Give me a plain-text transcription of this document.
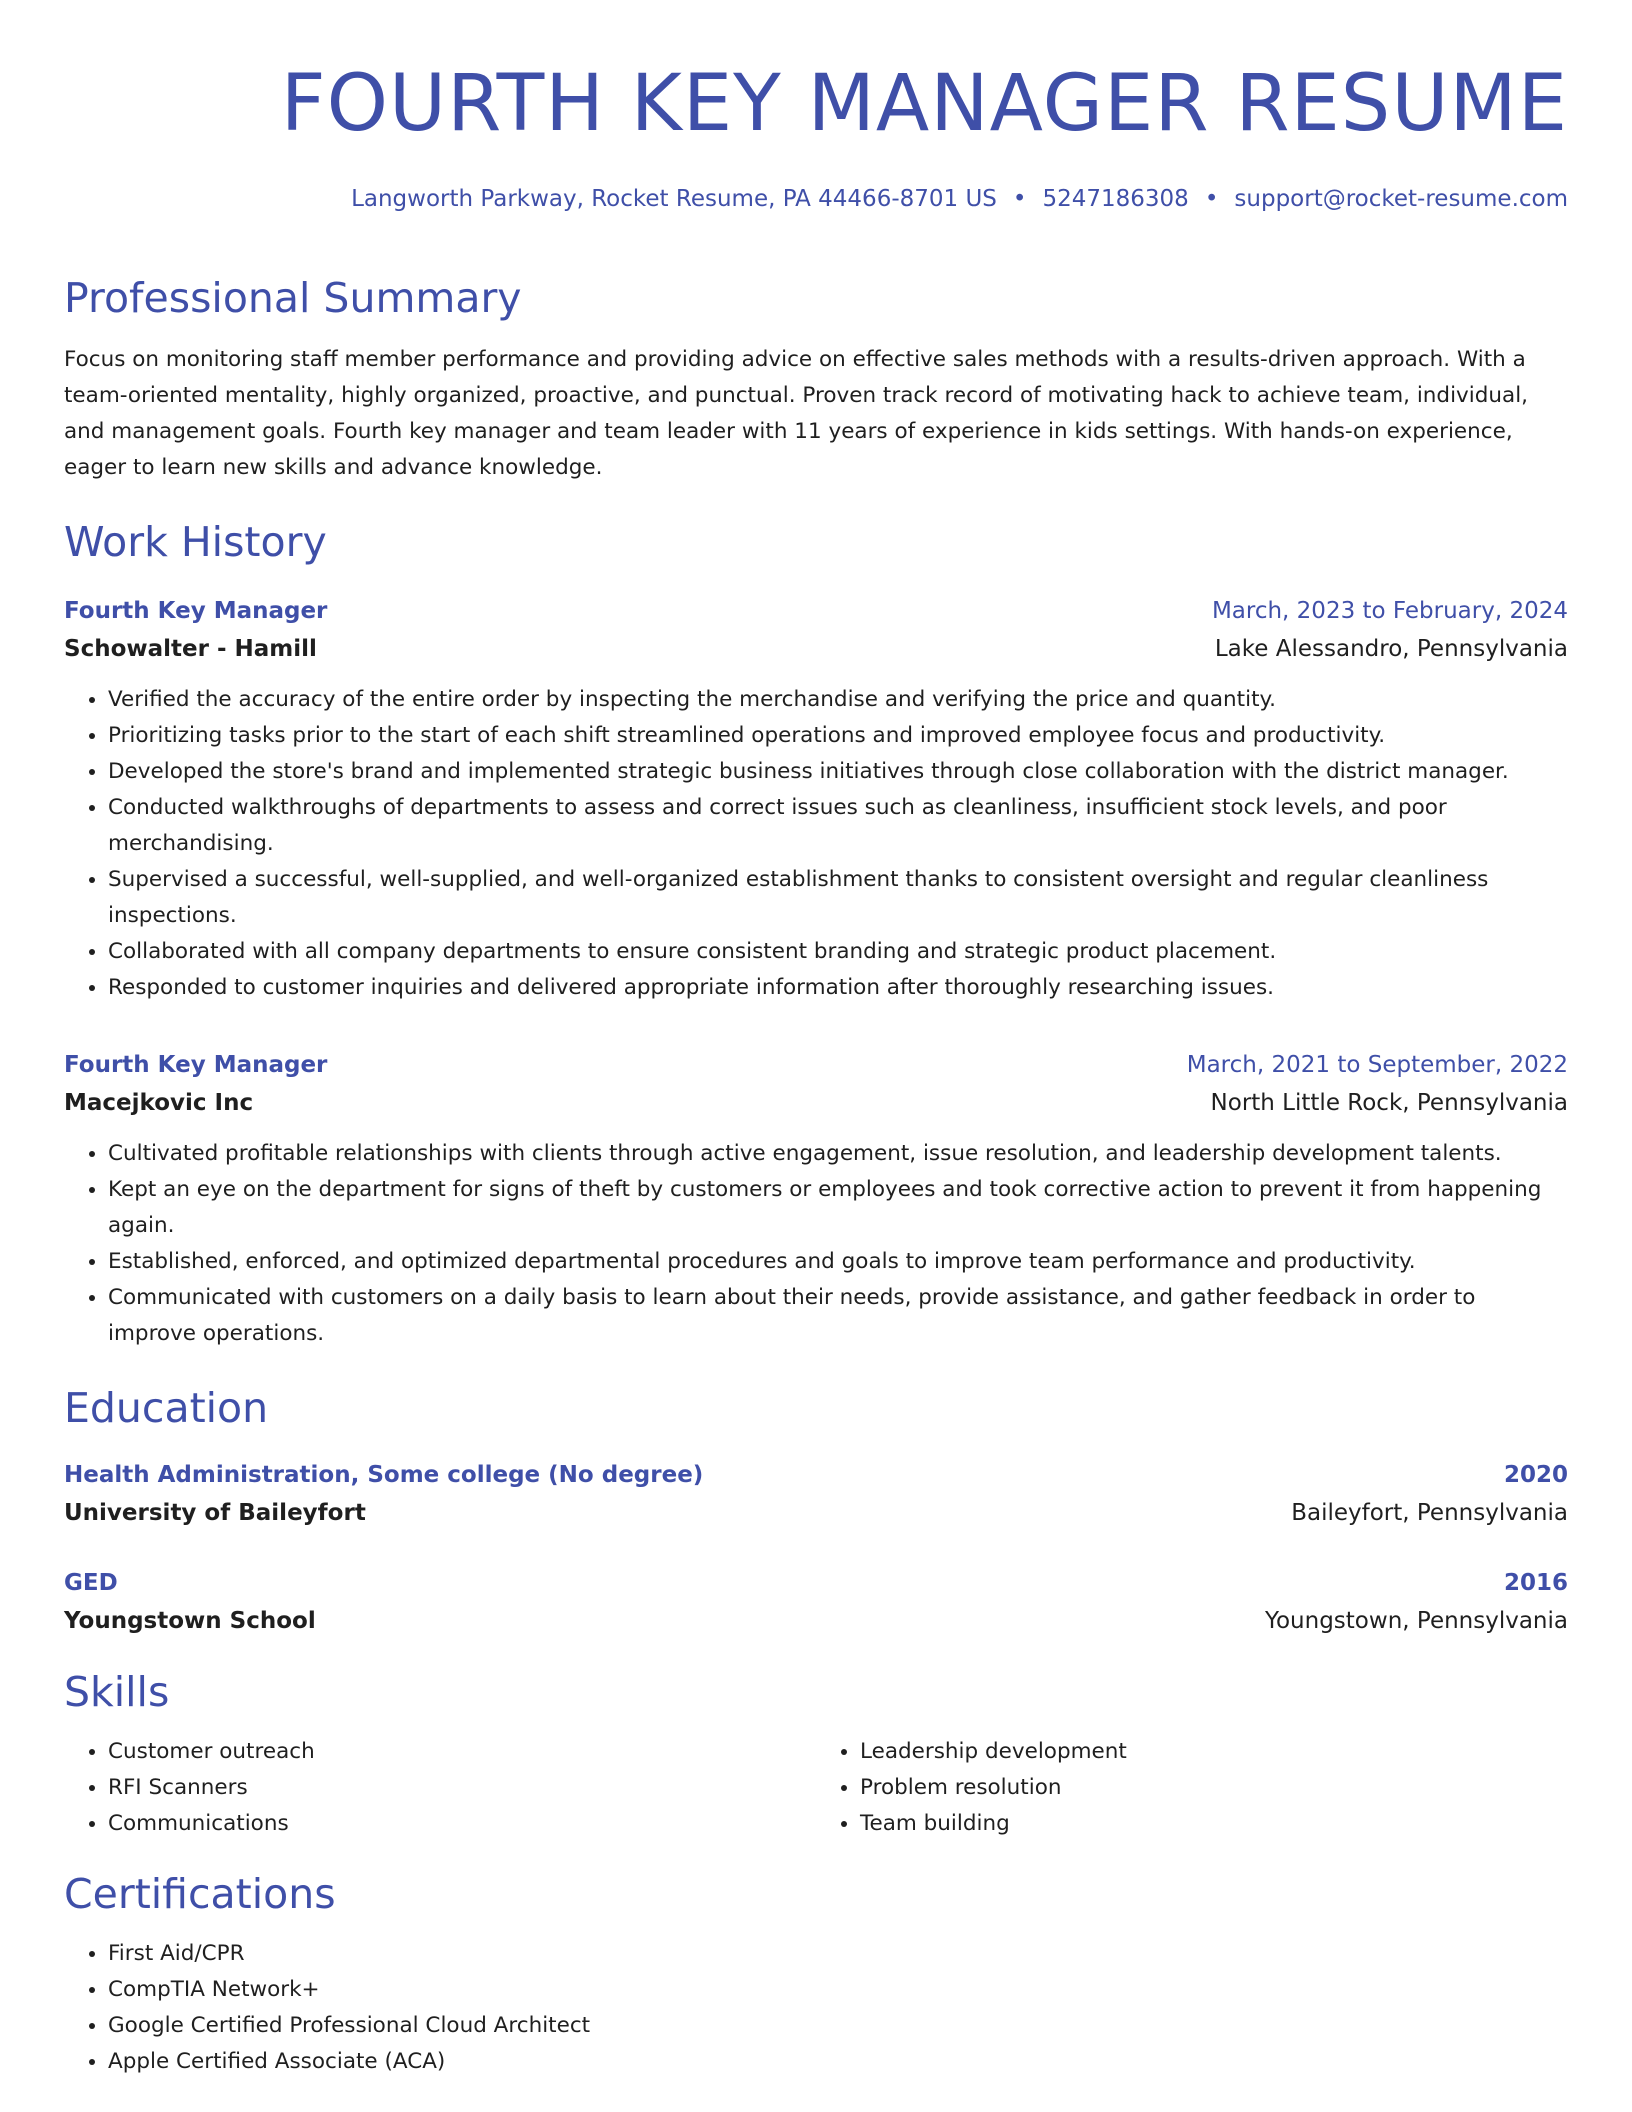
FOURTH KEY MANAGER RESUME
Langworth Parkway, Rocket Resume, PA 44466-8701 US • 5247186308 • support@rocket-resume.com
Professional Summary

Focus on monitoring staff member performance and providing advice on effective sales methods with a results-driven approach. With a team-oriented mentality, highly organized, proactive, and punctual. Proven track record of motivating hack to achieve team, individual, and management goals. Fourth key manager and team leader with 11 years of experience in kids settings. With hands-on experience, eager to learn new skills and advance knowledge.

Work History
Fourth Key Manager	March, 2023 to February, 2024
Schowalter - Hamill	Lake Alessandro, Pennsylvania
• Verified the accuracy of the entire order by inspecting the merchandise and verifying the price and quantity.
• Prioritizing tasks prior to the start of each shift streamlined operations and improved employee focus and productivity.
• Developed the store's brand and implemented strategic business initiatives through close collaboration with the district manager.
• Conducted walkthroughs of departments to assess and correct issues such as cleanliness, insufficient stock levels, and poor merchandising.
• Supervised a successful, well-supplied, and well-organized establishment thanks to consistent oversight and regular cleanliness inspections.
• Collaborated with all company departments to ensure consistent branding and strategic product placement.
• Responded to customer inquiries and delivered appropriate information after thoroughly researching issues.
Fourth Key Manager	March, 2021 to September, 2022
Macejkovic Inc	North Little Rock, Pennsylvania
• Cultivated profitable relationships with clients through active engagement, issue resolution, and leadership development talents.
• Kept an eye on the department for signs of theft by customers or employees and took corrective action to prevent it from happening again.
• Established, enforced, and optimized departmental procedures and goals to improve team performance and productivity.
• Communicated with customers on a daily basis to learn about their needs, provide assistance, and gather feedback in order to improve operations.
Education
Health Administration, Some college (No degree)	2020
University of Baileyfort	Baileyfort, Pennsylvania
GED	2016
Youngstown School	Youngstown, Pennsylvania
Skills
• Customer outreach
• RFI Scanners
• Communications
• Leadership development
• Problem resolution
• Team building
Certifications
• First Aid/CPR
• CompTIA Network+
• Google Certified Professional Cloud Architect
• Apple Certified Associate (ACA)
